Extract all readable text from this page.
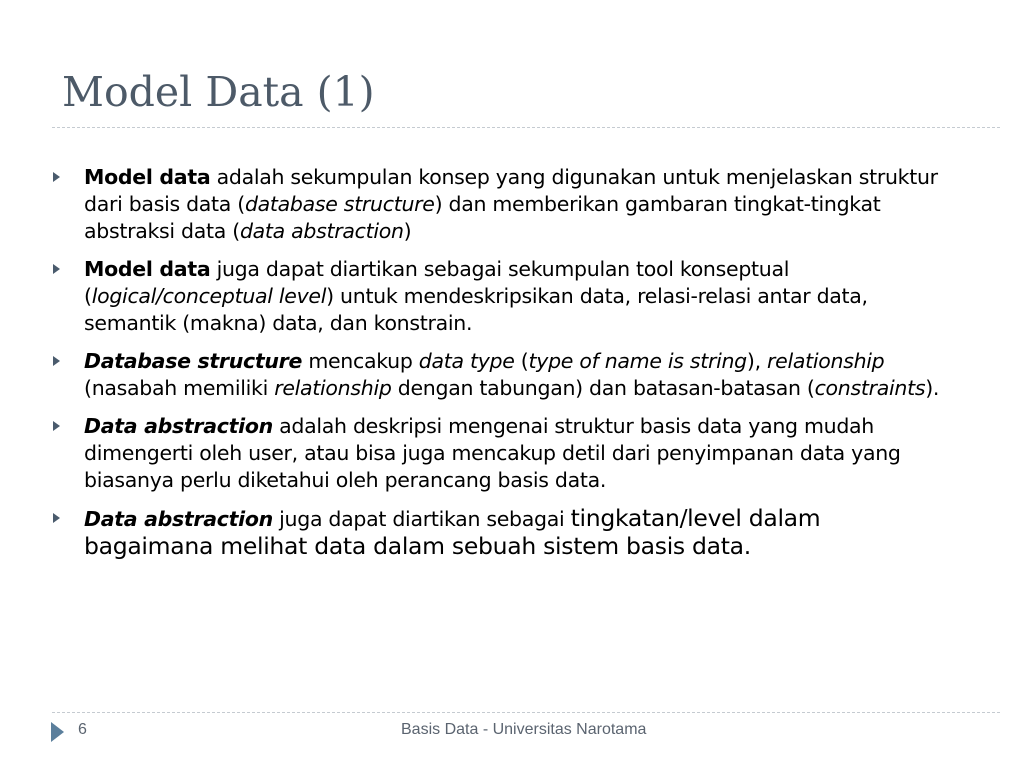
Model Data (1)
Model data adalah sekumpulan konsep yang digunakan untuk menjelaskan struktur dari basis data (database structure) dan memberikan gambaran tingkat-tingkat abstraksi data (data abstraction)
Model data juga dapat diartikan sebagai sekumpulan tool konseptual (logical/conceptual level) untuk mendeskripsikan data, relasi-relasi antar data, semantik (makna) data, dan konstrain.
Database structure mencakup data type (type of name is string), relationship (nasabah memiliki relationship dengan tabungan) dan batasan-batasan (constraints).
Data abstraction adalah deskripsi mengenai struktur basis data yang mudah dimengerti oleh user, atau bisa juga mencakup detil dari penyimpanan data yang biasanya perlu diketahui oleh perancang basis data.
Data abstraction juga dapat diartikan sebagai tingkatan/level dalam bagaimana melihat data dalam sebuah sistem basis data.
6	Basis Data - Universitas Narotama
